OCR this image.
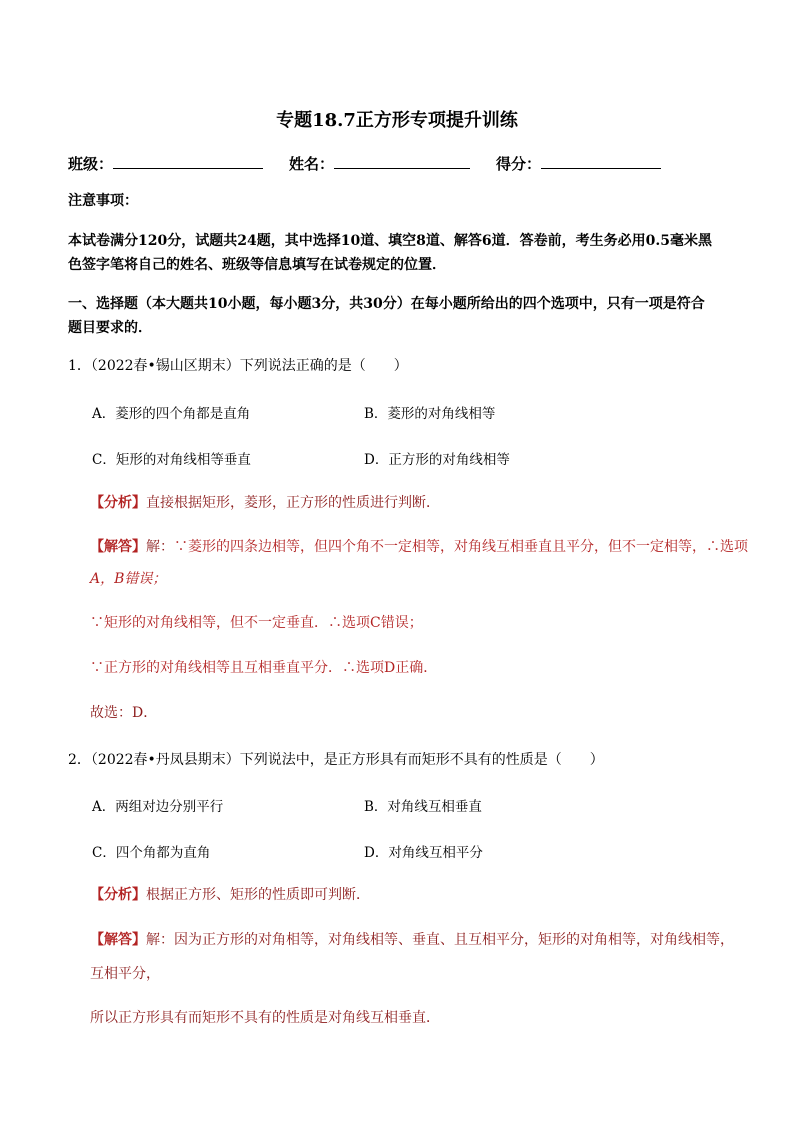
专题18.7正方形专项提升训练
班级：	姓名：	得分：
注意事项：
本试卷满分120分，试题共24题，其中选择10道、填空8道、解答6道．答卷前，考生务必用0.5毫米黑
色签字笔将自己的姓名、班级等信息填写在试卷规定的位置．
一、选择题（本大题共10小题，每小题3分，共30分）在每小题所给出的四个选项中，只有一项是符合
题目要求的．
1．（2022春•锡山区期末）下列说法正确的是（　　）
A．菱形的四个角都是直角	B．菱形的对角线相等
C．矩形的对角线相等垂直	D．正方形的对角线相等
【分析】直接根据矩形，菱形，正方形的性质进行判断．
【解答】解：∵菱形的四条边相等，但四个角不一定相等，对角线互相垂直且平分，但不一定相等，∴选项
A，B错误；
∵矩形的对角线相等，但不一定垂直．∴选项C错误；
∵正方形的对角线相等且互相垂直平分．∴选项D正确．
故选：D．
2．（2022春•丹凤县期末）下列说法中，是正方形具有而矩形不具有的性质是（　　）
A．两组对边分别平行	B．对角线互相垂直
C．四个角都为直角	D．对角线互相平分
【分析】根据正方形、矩形的性质即可判断．
【解答】解：因为正方形的对角相等，对角线相等、垂直、且互相平分，矩形的对角相等，对角线相等，
互相平分，
所以正方形具有而矩形不具有的性质是对角线互相垂直．
